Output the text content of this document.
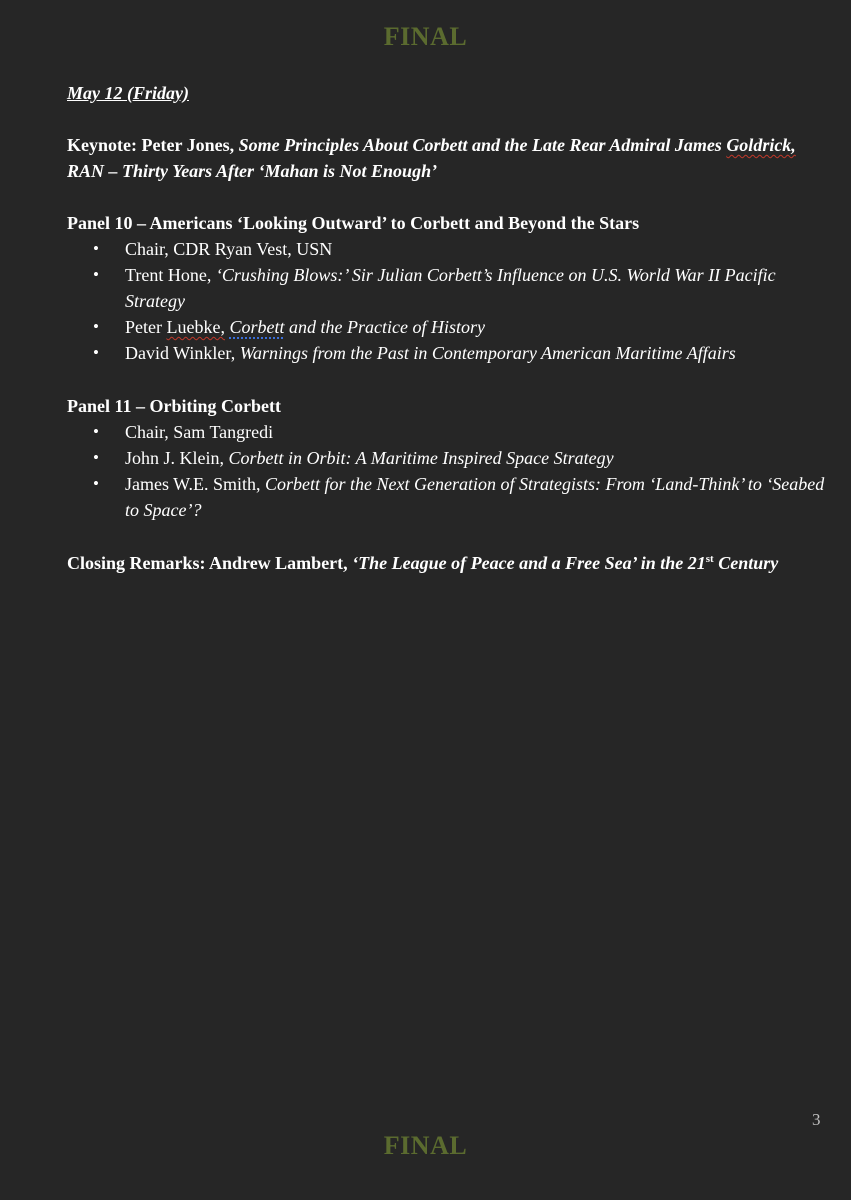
FINAL

May 12 (Friday)

Keynote: Peter Jones, Some Principles About Corbett and the Late Rear Admiral James Goldrick, RAN – Thirty Years After ‘Mahan is Not Enough’

Panel 10 – Americans ‘Looking Outward’ to Corbett and Beyond the Stars

• Chair, CDR Ryan Vest, USN
• Trent Hone, ‘Crushing Blows:’ Sir Julian Corbett’s Influence on U.S. World War II Pacific Strategy
• Peter Luebke, Corbett and the Practice of History
• David Winkler, Warnings from the Past in Contemporary American Maritime Affairs

Panel 11 – Orbiting Corbett

• Chair, Sam Tangredi
• John J. Klein, Corbett in Orbit: A Maritime Inspired Space Strategy
• James W.E. Smith, Corbett for the Next Generation of Strategists: From ‘Land-Think’ to ‘Seabed to Space’?

Closing Remarks: Andrew Lambert, ‘The League of Peace and a Free Sea’ in the 21st Century

3
FINAL
